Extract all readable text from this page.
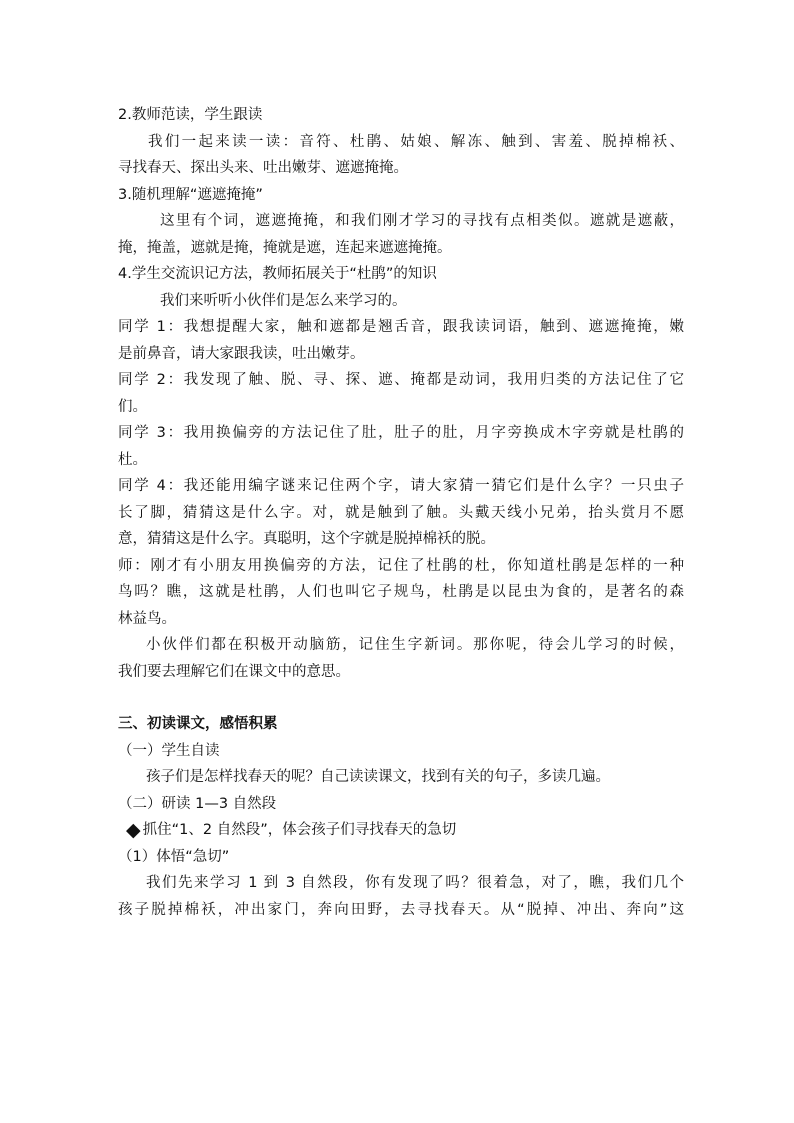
2.教师范读，学生跟读
我们一起来读一读：音符、杜鹃、姑娘、解冻、触到、害羞、脱掉棉袄、
寻找春天、探出头来、吐出嫩芽、遮遮掩掩。
3.随机理解“遮遮掩掩”
这里有个词，遮遮掩掩，和我们刚才学习的寻找有点相类似。遮就是遮蔽，
掩，掩盖，遮就是掩，掩就是遮，连起来遮遮掩掩。
4.学生交流识记方法，教师拓展关于“杜鹃”的知识
我们来听听小伙伴们是怎么来学习的。
同学 1：我想提醒大家，触和遮都是翘舌音，跟我读词语，触到、遮遮掩掩，嫩
是前鼻音，请大家跟我读，吐出嫩芽。
同学 2：我发现了触、脱、寻、探、遮、掩都是动词，我用归类的方法记住了它
们。
同学 3：我用换偏旁的方法记住了肚，肚子的肚，月字旁换成木字旁就是杜鹃的
杜。
同学 4：我还能用编字谜来记住两个字，请大家猜一猜它们是什么字？一只虫子
长了脚，猜猜这是什么字。对，就是触到了触。头戴天线小兄弟，抬头赏月不愿
意，猜猜这是什么字。真聪明，这个字就是脱掉棉袄的脱。
师：刚才有小朋友用换偏旁的方法，记住了杜鹃的杜，你知道杜鹃是怎样的一种
鸟吗？瞧，这就是杜鹃，人们也叫它子规鸟，杜鹃是以昆虫为食的，是著名的森
林益鸟。
小伙伴们都在积极开动脑筋，记住生字新词。那你呢，待会儿学习的时候，
我们要去理解它们在课文中的意思。
三、初读课文，感悟积累
（一）学生自读
孩子们是怎样找春天的呢？自己读读课文，找到有关的句子，多读几遍。
（二）研读 1—3 自然段
◆ 抓住“1、2 自然段”，体会孩子们寻找春天的急切
（1）体悟“急切”
我们先来学习 1 到 3 自然段，你有发现了吗？很着急，对了，瞧，我们几个
孩子脱掉棉袄，冲出家门，奔向田野，去寻找春天。从“脱掉、冲出、奔向”这
